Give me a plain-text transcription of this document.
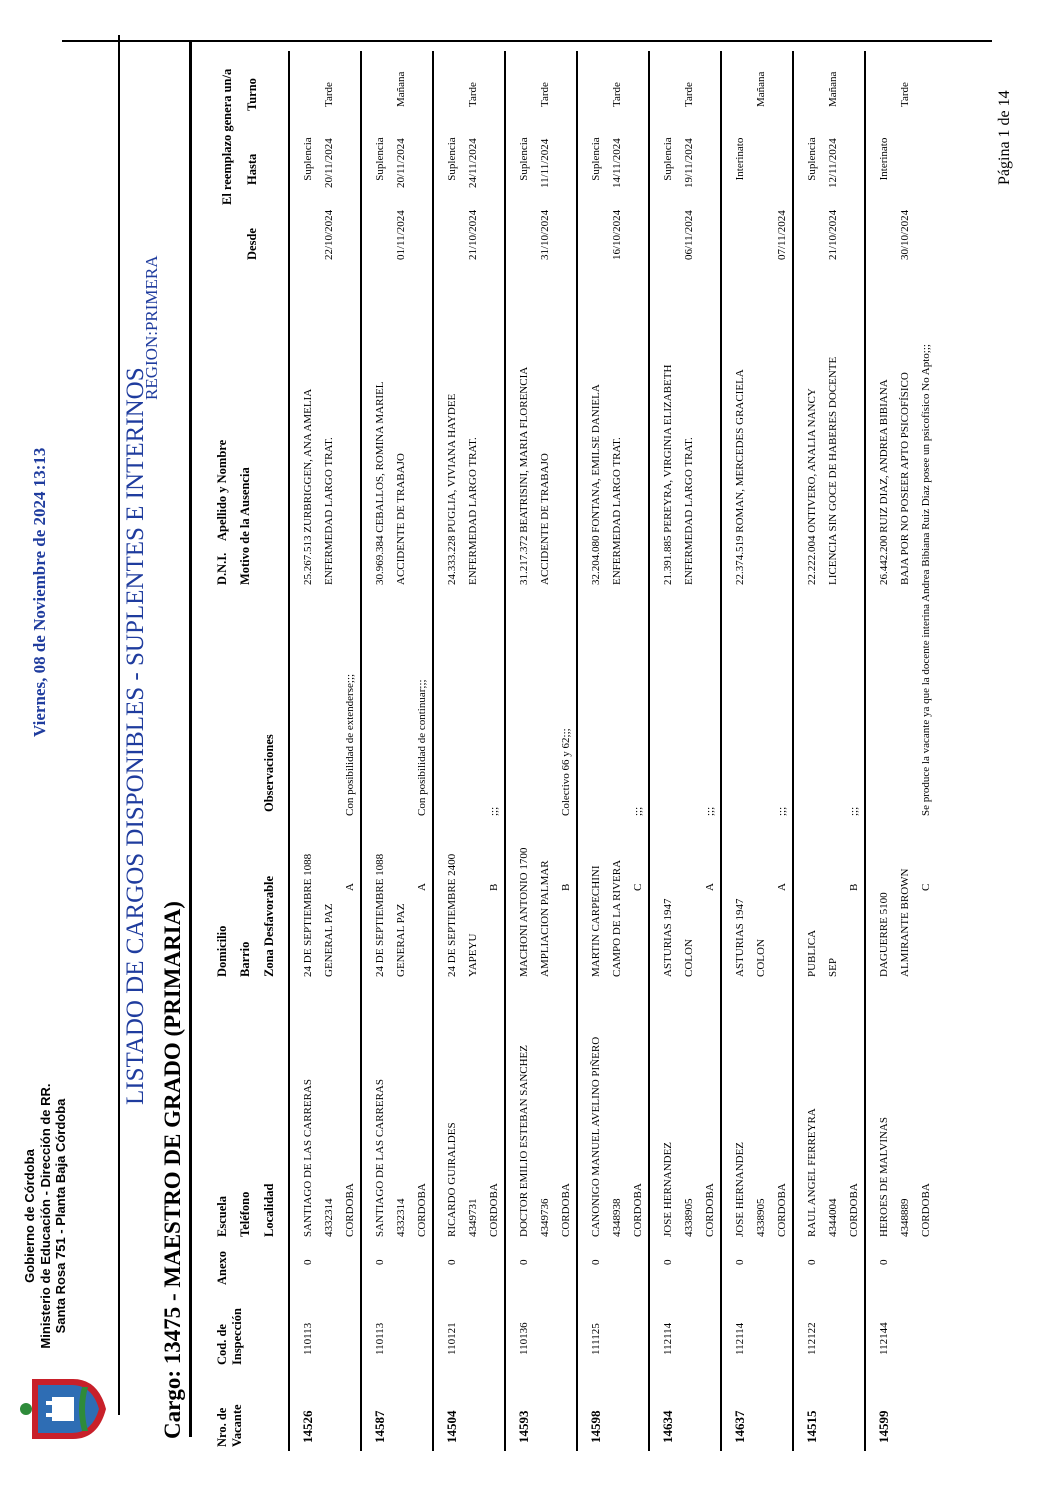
Gobierno de Córdoba Ministerio de Educación - Dirección de RR. Santa Rosa 751 - Planta Baja Córdoba
Viernes, 08 de Noviembre de 2024 13:13	LISTADO DE CARGOS DISPONIBLES - SUPLENTES E INTERINOS
REGION:PRIMERA
Cargo: 13475 - MAESTRO DE GRADO (PRIMARIA) Nro. de Vacante
Cod. de Inspección
Anexo
Escuela Teléfono Localidad
Domicilio Barrio Zona Desfavorable
Observaciones
D.N.I.
Apellido y Nombre Motivo de la Ausencia
Desde
El reemplazo genera un/a Hasta
Turno
14526
110113
0
SANTIAGO DE LAS CARRERAS 4332314 CORDOBA
24 DE SEPTIEMBRE 1088 GENERAL PAZ
A
Con posibilidad de extenderse;;;
25.267.513 ZURBRIGGEN, ANA AMELIA ENFERMEDAD LARGO TRAT.
22/10/2024
Suplencia 20/11/2024
Tarde
14587
110113
0
SANTIAGO DE LAS CARRERAS 4332314 CORDOBA
24 DE SEPTIEMBRE 1088 GENERAL PAZ
A
Con posibilidad de continuar;;;
30.969.384 CEBALLOS, ROMINA MARIEL ACCIDENTE DE TRABAJO
01/11/2024
Suplencia 20/11/2024
Mañana
14504
110121
0
RICARDO GUIRALDES 4349731 CORDOBA
24 DE SEPTIEMBRE 2400 YAPEYU
B
;;;
24.333.228 PUGLIA, VIVIANA HAYDEE ENFERMEDAD LARGO TRAT.
21/10/2024
Suplencia 24/11/2024
Tarde
14593
110136
0
DOCTOR EMILIO ESTEBAN SANCHEZ 4349736 CORDOBA
MACHONI ANTONIO 1700 AMPLIACION PALMAR B
Colectivo 66 y 62;;;
31.217.372 BEATRISINI, MARIA FLORENCIA ACCIDENTE DE TRABAJO
31/10/2024
Suplencia 11/11/2024
Tarde
14598
111125
0
CANONIGO MANUEL AVELINO PIÑERO 4348938 CORDOBA
MARTIN CARPECHINI CAMPO DE LA RIVERA C
;;;
32.204.080 FONTANA, EMILSE DANIELA ENFERMEDAD LARGO TRAT.
16/10/2024
Suplencia 14/11/2024
Tarde
14634
112114
0
JOSE HERNANDEZ 4338905 CORDOBA
ASTURIAS 1947 COLON
A
;;;
21.391.885 PEREYRA, VIRGINIA ELIZABETH ENFERMEDAD LARGO TRAT.
06/11/2024
Suplencia 19/11/2024
Tarde
14637
112114
0
JOSE HERNANDEZ 4338905 CORDOBA
ASTURIAS 1947 COLON
A
;;;
22.374.519 ROMAN, MERCEDES GRACIELA
07/11/2024
Interinato
Mañana
14515
112122
0
RAUL ANGEL FERREYRA 4344004 CORDOBA
PUBLICA SEP
B
;;;
22.222.004 ONTIVERO, ANALIA NANCY LICENCIA SIN GOCE DE HABERES DOCENTE
21/10/2024
Suplencia 12/11/2024
Mañana
14599
112144
0
HEROES DE MALVINAS 4348889 CORDOBA
DAGUERRE 5100 ALMIRANTE BROWN C
Se produce la vacante ya que la docente interina Andrea Bibiana Ruiz Diaz posee un psicofísico No Apto;;;
26.442.200 RUIZ DIAZ, ANDREA BIBIANA BAJA POR NO POSEER APTO PSICOFÍSICO
30/10/2024
Interinato
Tarde	Página 1 de 14
